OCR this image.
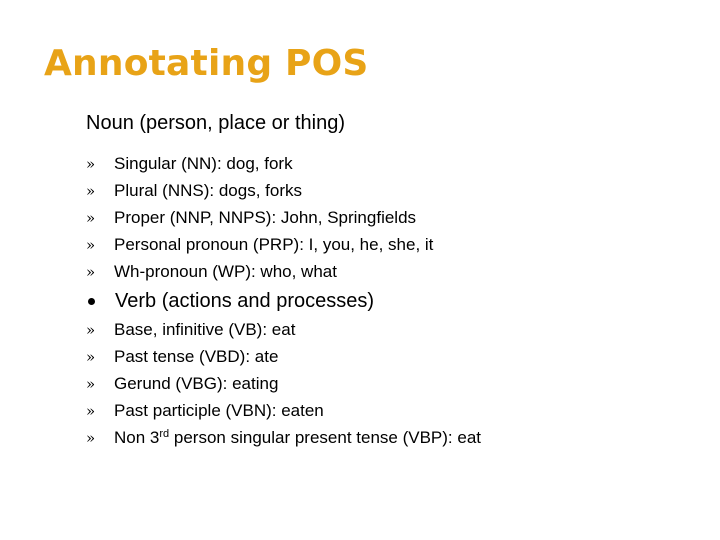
Annotating POS
Noun (person, place or thing)
»	Singular (NN): dog, fork
»	Plural (NNS): dogs, forks
»	Proper (NNP, NNPS): John, Springfields
»	Personal pronoun (PRP): I, you, he, she, it
»	Wh-pronoun (WP): who, what
Verb (actions and processes)
»	Base, infinitive (VB): eat
»	Past tense (VBD): ate
»	Gerund (VBG): eating
»	Past participle (VBN): eaten
»	Non 3rd person singular present tense (VBP): eat
